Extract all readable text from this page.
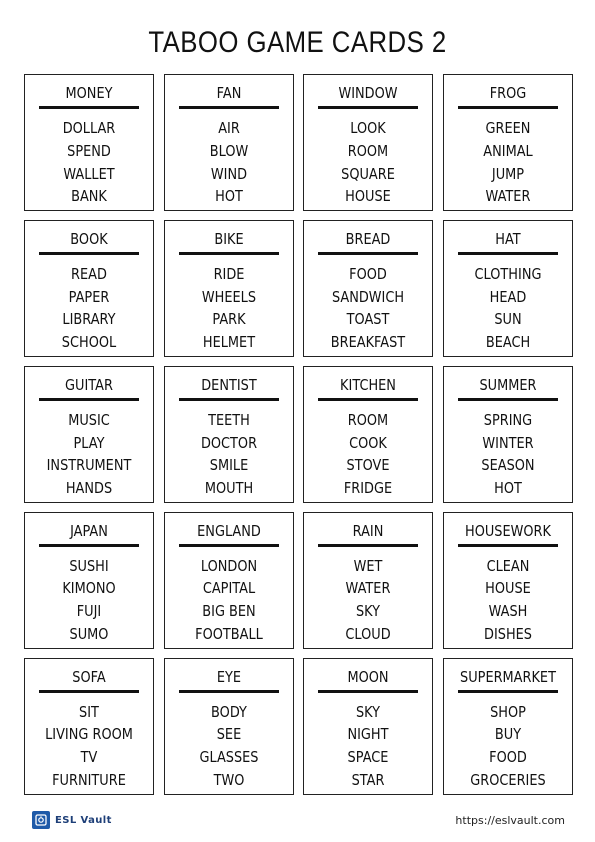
TABOO GAME CARDS 2
MONEY
DOLLAR
SPEND
WALLET
BANK
FAN
AIR
BLOW
WIND
HOT
WINDOW
LOOK
ROOM
SQUARE
HOUSE
FROG
GREEN
ANIMAL
JUMP
WATER
BOOK
READ
PAPER
LIBRARY
SCHOOL
BIKE
RIDE
WHEELS
PARK
HELMET
BREAD
FOOD
SANDWICH
TOAST
BREAKFAST
HAT
CLOTHING
HEAD
SUN
BEACH
GUITAR
MUSIC
PLAY
INSTRUMENT
HANDS
DENTIST
TEETH
DOCTOR
SMILE
MOUTH
KITCHEN
ROOM
COOK
STOVE
FRIDGE
SUMMER
SPRING
WINTER
SEASON
HOT
JAPAN
SUSHI
KIMONO
FUJI
SUMO
ENGLAND
LONDON
CAPITAL
BIG BEN
FOOTBALL
RAIN
WET
WATER
SKY
CLOUD
HOUSEWORK
CLEAN
HOUSE
WASH
DISHES
SOFA
SIT
LIVING ROOM
TV
FURNITURE
EYE
BODY
SEE
GLASSES
TWO
MOON
SKY
NIGHT
SPACE
STAR
SUPERMARKET
SHOP
BUY
FOOD
GROCERIES
ESL Vault	https://eslvault.com
